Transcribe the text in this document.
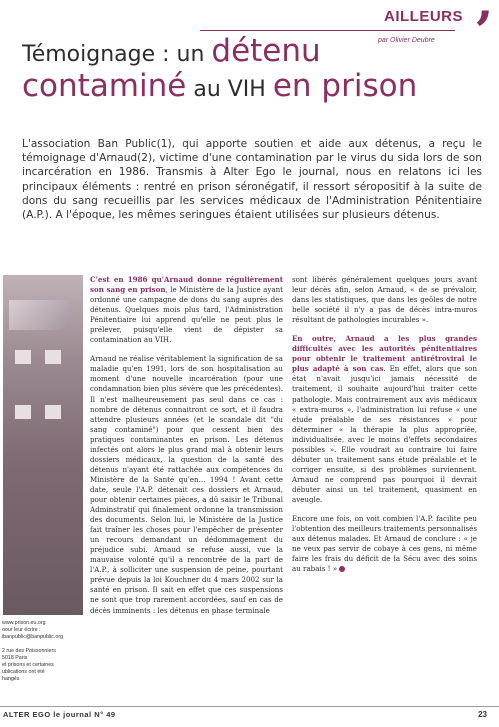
’
AILLEURS
par Olivier Deubre
Témoignage : un détenu
contaminé au VIH en prison
L'association Ban Public(1), qui apporte soutien et aide aux détenus, a reçu le témoignage d'Arnaud(2), victime d'une contamination par le virus du sida lors de son incarcération en 1986. Transmis à Alter Ego le journal, nous en relatons ici les principaux éléments : rentré en prison séronégatif, il ressort séropositif à la suite de dons du sang recueillis par les services médicaux de l'Administration Pénitentiaire (A.P.). A l'époque, les mêmes seringues étaient utilisées sur plusieurs détenus.
www.prison.eu.org
oour leur écrire :
ibanpublic@banpublic.org

2 rue des Poissonniers
5018 Paris
et prisons et certaines
ublications ont été
hangés

C'est en 1986 qu'Arnaud donne régulièrement son sang en prison, le Ministère de la Justice ayant ordonné une campagne de dons du sang auprès des détenus. Quelques mois plus tard, l'Administration Pénitentiaire lui apprend qu'elle ne peut plus le prélever, puisqu'elle vient de dépister sa contamination au VIH.

Arnaud ne réalise véritablement la signification de sa maladie qu'en 1991, lors de son hospitalisation au moment d'une nouvelle incarcération (pour une condamnation bien plus sévère que les précédentes). Il n'est malheureusement pas seul dans ce cas : nombre de détenus connaitront ce sort, et il faudra attendre plusieurs années (et le scandale dit "du sang contaminé") pour que cessent bien des pratiques contaminantes en prison. Les détenus infectés ont alors le plus grand mal à obtenir leurs dossiers médicaux, la question de la santé des détenus n'ayant été rattachée aux compétences du Ministère de la Santé qu'en... 1994 ! Avant cette date, seule l'A.P. détenait ces dossiers et Arnaud, pour obtenir certaines pièces, a dû saisir le Tribunal Adminstratif qui finalement ordonne la transmission des documents. Selon lui, le Ministère de la Justice fait traîner les choses pour l'empêcher de présenter un recours demandant un dédommagement du préjudice subi. Arnaud se refuse aussi, vue la mauvaise volonté qu'il a rencontrée de la part de l'A.P., à solliciter une suspension de peine, pourtant prévue depuis la loi Kouchner du 4 mars 2002 sur la santé en prison. Il sait en effet que ces suspensions ne sont que trop rarement accordées, sauf en cas de décès imminents : les détenus en phase terminale

sont libérés généralement quelques jours avant leur décès afin, selon Arnaud, « de se prévaloir, dans les statistiques, que dans les geôles de notre belle société il n'y a pas de décès intra-muros résultant de pathologies incurables ».

En outre, Arnaud a les plus grandes difficultés avec les autorités pénitentiaires pour obtenir le traitement antirétroviral le plus adapté à son cas. En effet, alors que son état n'avait jusqu'ici jamais nécessité de traitement, il souhaite aujourd'hui traiter cette pathologie. Mais contrairement aux avis médicaux « extra-muros », l'administration lui refuse « une étude préalable de ses résistances » pour déterminer « la thérapie la plus appropriée, individualisée, avec le moins d'effets secondaires possibles ». Elle voudrait au contraire lui faire débuter un traitement sans étude préalable et le corriger ensuite, si des problèmes surviennent. Arnaud ne comprend pas pourquoi il devrait débuter ainsi un tel traitement, quasiment en aveugle.

Encore une fois, on voit combien l'A.P. facilite peu l'obtention des meilleurs traitements personnalisés aux détenus malades. Et Arnaud de conclure : « je ne veux pas servir de cobaye à ces gens, ni même faire les frais du déficit de la Sécu avec des soins au rabais ! »

ALTER EGO le journal N° 49	23
